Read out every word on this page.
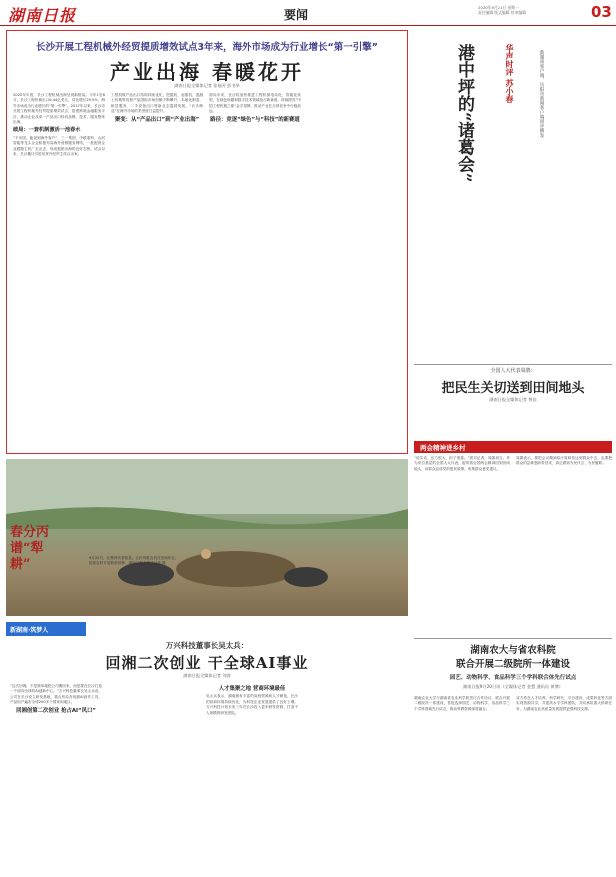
湖南日报	要闻
2020年9月21日 星期一
责任编辑 版式编辑 检审编辑	03
长沙开展工程机械外经贸提质增效试点3年来，海外市场成为行业增长“第一引擎”
产业出海 春暖花开
湖南日报全媒体记者 张福芳 彭书华

2020年年底，长沙工程机械出海呈现新格局。今年1至8月，长沙工程机械出口6.44亿美元，同比增长29.5%，海外市场成为行业增长的“第一引擎”。2017年以来，长沙市开展工程机械外经贸提质增效试点，搭建跨境金融服务平台，推动企业从单一产品出口转向品牌、技术、服务整体出海。

破局：一套机制激活一池春水

“不出国，能见到海外客户”，三一集团、中联重科、山河智能等龙头企业积极布局海外营销服务网络，一批配套企业跟随主机厂走出去，形成抱团出海的良好态势。试点以来，长沙累计引进培育外经贸主体百余家。

工程机械产品出口结构持续优化，挖掘机、起重机、混凝土机械等优势产品国际市场份额不断攀升，本地化制造、租赁服务、二手设备出口等新业态蓬勃发展，“长沙制造”在海外市场的美誉度日益提升。

聚变：从“产品出口”到“产业出海”

面向未来，长沙将加快推进工程机械电动化、智能化转型，在绿色低碳和数字技术领域抢占新赛道，持续擦亮“中国工程机械之都”金字招牌，推动产业在全球竞争中行稳致远。

路径：竞逐“绿色”与“科技”的新赛道
春分丙谱“犁耕”	9月20日，在株洲市茶陵县，农民驾驶农机在田间作业，抢抓农时开展秋收秋种。湖南日报全媒体记者 摄
新湖南·筑梦人
万兴科技董事长吴太兵：
回湘二次创业 干全球AI事业
湖南日报全媒体记者 刘涛

“这次回湘，不是简单地把公司搬回来，而是要在长沙打造一个面向全球的AI创新中心。”万兴科技董事长吴太兵说。公司在长沙设立研发基地，重点布局音视频AI创作工具，产品用户遍布全球200多个国家和地区。

回湘创第二次创业 抢占AI“风口”
人才集聚之地 营商环境最佳

吴太兵表示，湖南拥有丰富的高校资源和人才储备，长沙的营商环境持续优化，为科技企业发展提供了良好土壤。万兴科技计划未来三年在长沙投入更多研发资源，打造千人规模的研发团队。

港中坪的“诸葛会”	华声时评 苏小春	新湖南客户端、岳阳市新闻客户端同步播发
全国人大代表周鹃：
把民生关切送到田间地头
湖南日报全媒体记者 曾佳
两会精神进乡村

“说实话，压力很大，担子很重。”面对记者，周鹃坦言。作为来自基层的全国人大代表，她带着全国两会精神回到田间地头，向群众宣讲党的惠民政策，收集群众意见建议。

周鹃表示，要把会议精神原汁原味传达到群众中去，也要把群众的急难愁盼带回来，真正做到为民代言、为民履职。

湖南农大与省农科院
联合开展二级院所一体建设
园艺、动物科学、食品科学三个学科联合体先行试点
湖南日报9月20日讯（全媒体记者 金慧 通讯员 黄博）

湖南农业大学与湖南省农业科学院签订合作协议，联合开展二级院所一体建设，首批选择园艺、动物科学、食品科学三个学科领域先行试点，推动科教资源深度融合。

双方将在人才培养、科学研究、平台建设、成果转化等方面实现资源共享，共建高水平学科团队，共同承担重大科研任务，为湖南农业高质量发展提供更强科技支撑。
